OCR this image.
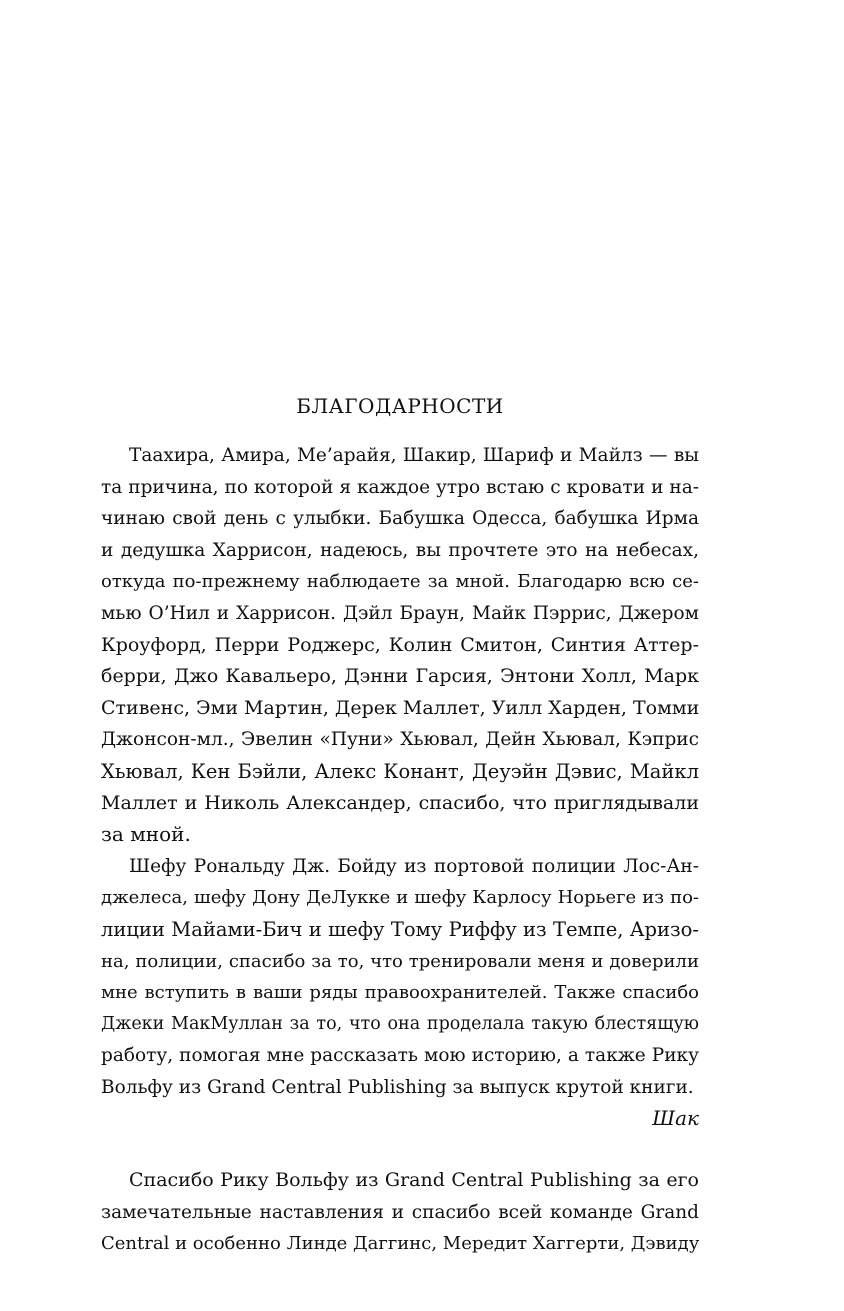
БЛАГОДАРНОСТИ
Таахира, Амира, Ме’арайя, Шакир, Шариф и Майлз — вы
та причина, по которой я каждое утро встаю с кровати и на-
чинаю свой день с улыбки. Бабушка Одесса, бабушка Ирма
и дедушка Харрисон, надеюсь, вы прочтете это на небесах,
откуда по-прежнему наблюдаете за мной. Благодарю всю се-
мью О’Нил и Харрисон. Дэйл Браун, Майк Пэррис, Джером
Кроуфорд, Перри Роджерс, Колин Смитон, Синтия Аттер-
берри, Джо Кавальеро, Дэнни Гарсия, Энтони Холл, Марк
Стивенс, Эми Мартин, Дерек Маллет, Уилл Харден, Томми
Джонсон-мл., Эвелин «Пуни» Хьювал, Дейн Хьювал, Кэприс
Хьювал, Кен Бэйли, Алекс Конант, Деуэйн Дэвис, Майкл
Маллет и Николь Александер, спасибо, что приглядывали
за мной.
Шефу Рональду Дж. Бойду из портовой полиции Лос-Ан-
джелеса, шефу Дону ДеЛукке и шефу Карлосу Норьеге из по-
лиции Майами-Бич и шефу Тому Риффу из Темпе, Аризо-
на, полиции, спасибо за то, что тренировали меня и доверили
мне вступить в ваши ряды правоохранителей. Также спасибо
Джеки МакМуллан за то, что она проделала такую блестящую
работу, помогая мне рассказать мою историю, а также Рику
Вольфу из Grand Central Publishing за выпуск крутой книги.
Шак
Спасибо Рику Вольфу из Grand Central Publishing за его
замечательные наставления и спасибо всей команде Grand
Central и особенно Линде Даггинс, Мередит Хаггерти, Дэвиду
